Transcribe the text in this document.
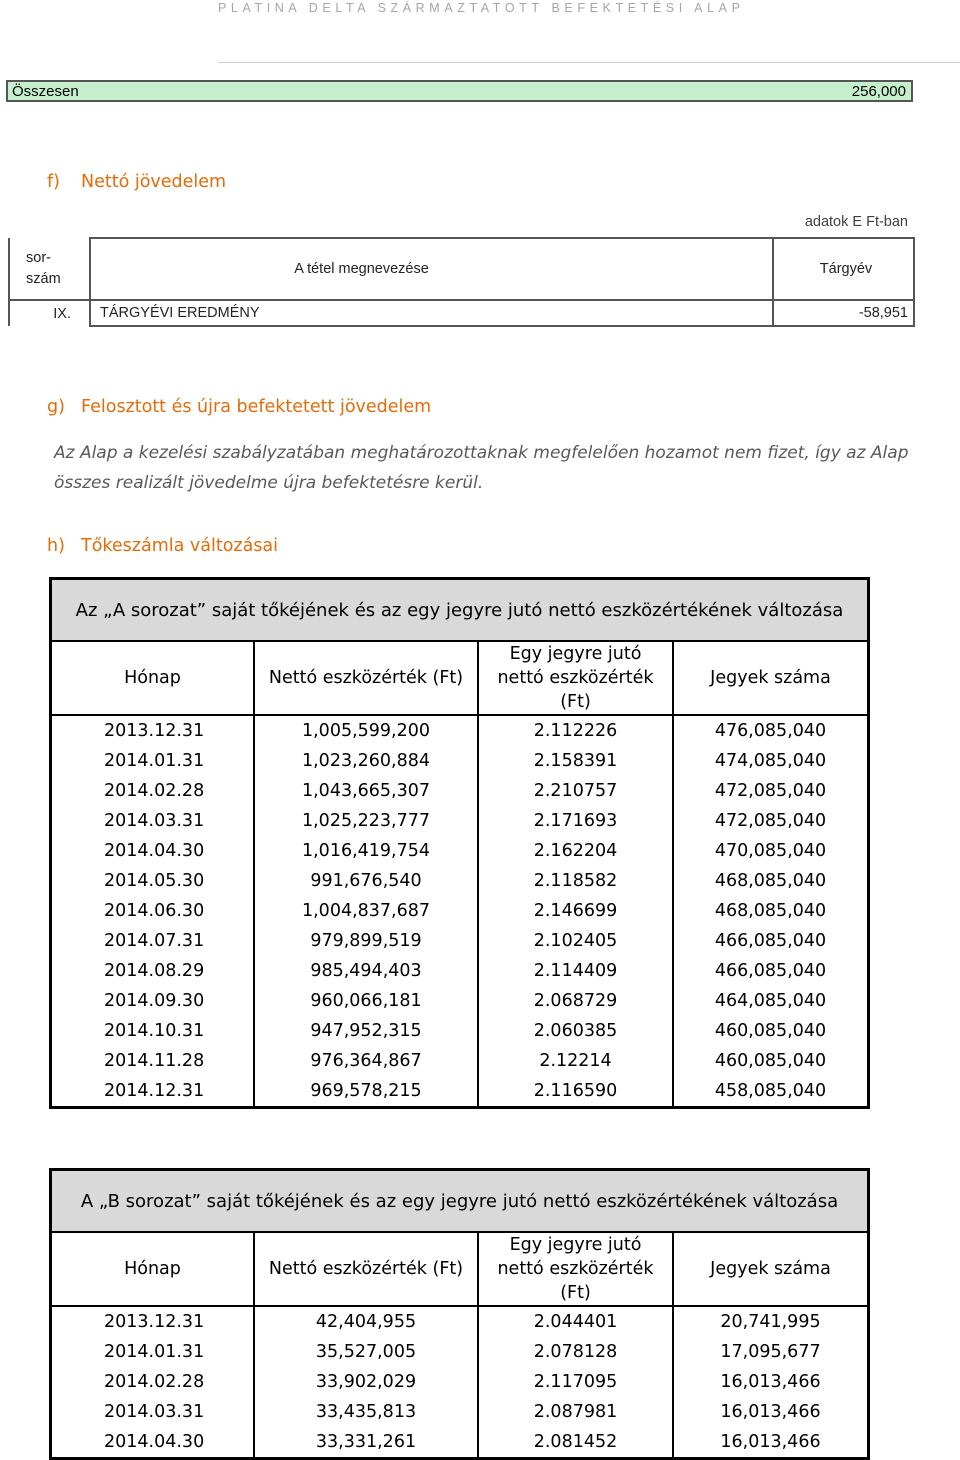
PLATINA DELTA SZÁRMAZTATOTT BEFEKTETÉSI ALAP
Összesen	256,000
f) Nettó jövedelem
adatok E Ft-ban
sor-
szám	A tétel megnevezése	Tárgyév
IX.	TÁRGYÉVI EREDMÉNY	-58,951
g) Felosztott és újra befektetett jövedelem
Az Alap a kezelési szabályzatában meghatározottaknak megfelelően hozamot nem fizet, így az Alap összes realizált jövedelme újra befektetésre kerül.
h) Tőkeszámla változásai
Az „A sorozat” saját tőkéjének és az egy jegyre jutó nettó eszközértékének változása
Hónap	Nettó eszközérték (Ft)	Egy jegyre jutó nettó eszközérték (Ft)	Jegyek száma
2013.12.31	1,005,599,200	2.112226	476,085,040
2014.01.31	1,023,260,884	2.158391	474,085,040
2014.02.28	1,043,665,307	2.210757	472,085,040
2014.03.31	1,025,223,777	2.171693	472,085,040
2014.04.30	1,016,419,754	2.162204	470,085,040
2014.05.30	991,676,540	2.118582	468,085,040
2014.06.30	1,004,837,687	2.146699	468,085,040
2014.07.31	979,899,519	2.102405	466,085,040
2014.08.29	985,494,403	2.114409	466,085,040
2014.09.30	960,066,181	2.068729	464,085,040
2014.10.31	947,952,315	2.060385	460,085,040
2014.11.28	976,364,867	2.12214	460,085,040
2014.12.31	969,578,215	2.116590	458,085,040
A „B sorozat” saját tőkéjének és az egy jegyre jutó nettó eszközértékének változása
Hónap	Nettó eszközérték (Ft)	Egy jegyre jutó nettó eszközérték (Ft)	Jegyek száma
2013.12.31	42,404,955	2.044401	20,741,995
2014.01.31	35,527,005	2.078128	17,095,677
2014.02.28	33,902,029	2.117095	16,013,466
2014.03.31	33,435,813	2.087981	16,013,466
2014.04.30	33,331,261	2.081452	16,013,466
